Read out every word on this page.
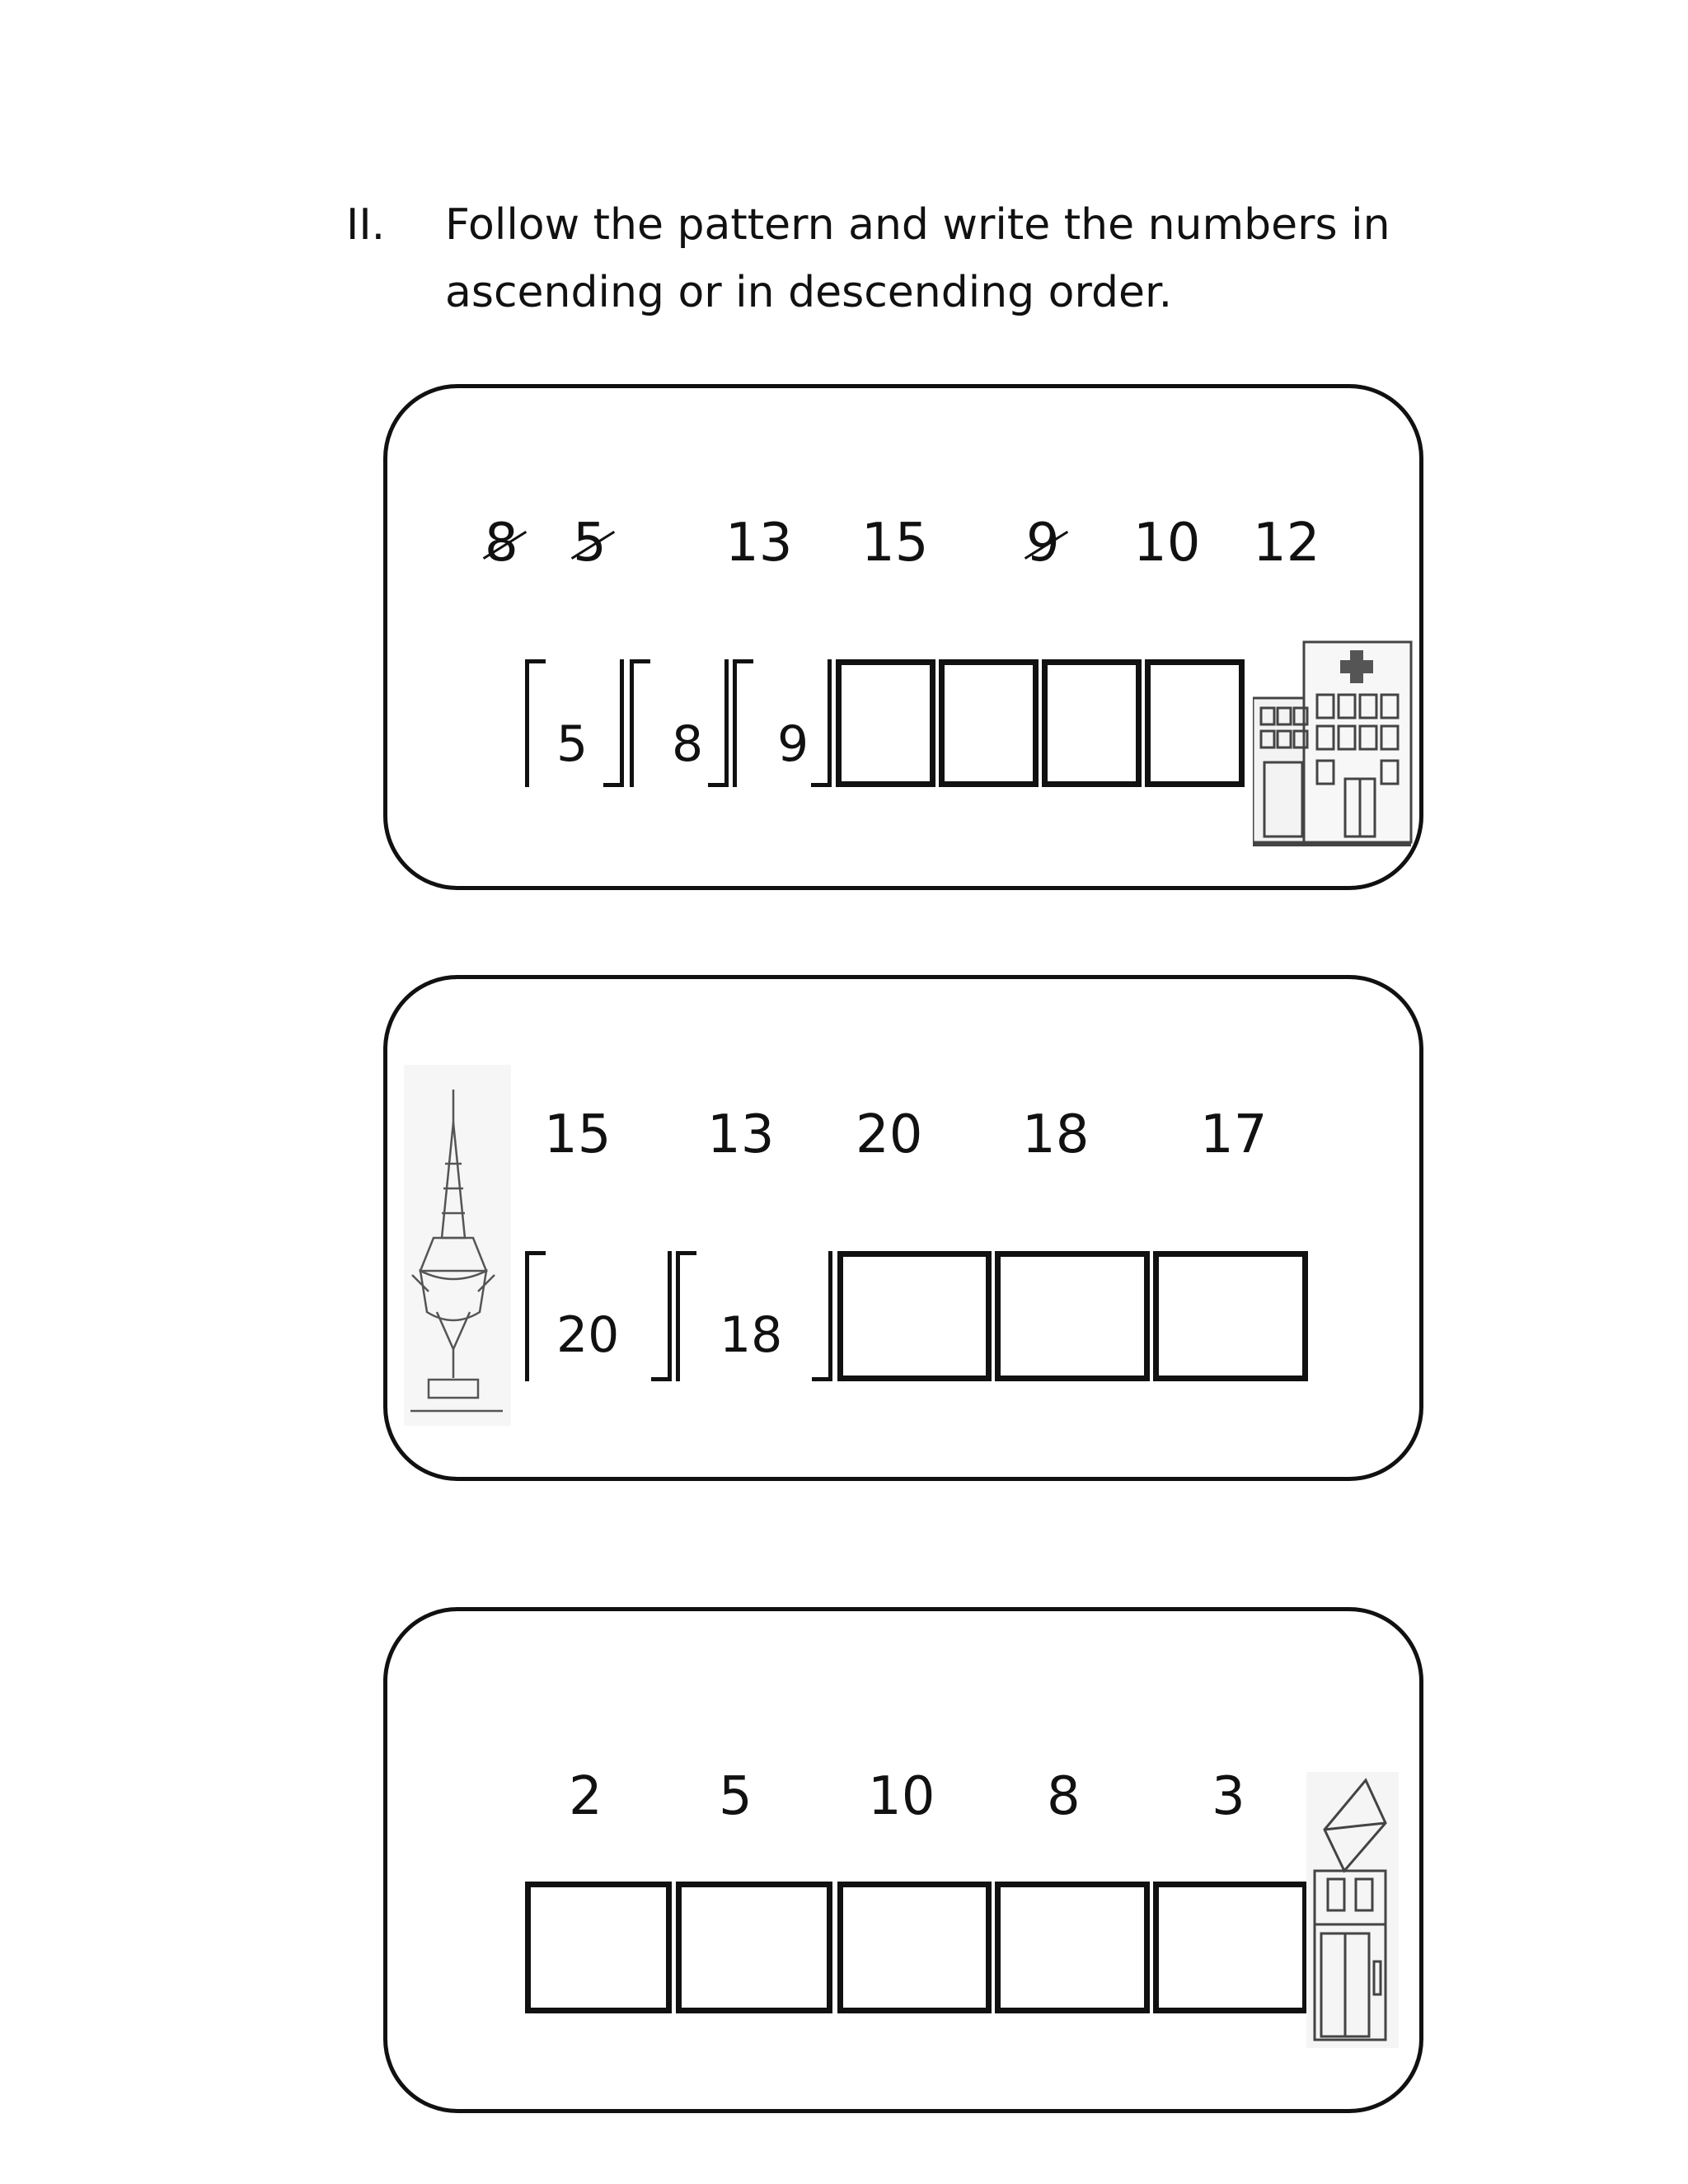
II. Follow the pattern and write the numbers in
ascending or in descending order.
8 5 13 15 9 10 12
5 8 9
15 13 20 18 17
20 18
2 5 10 8 3
